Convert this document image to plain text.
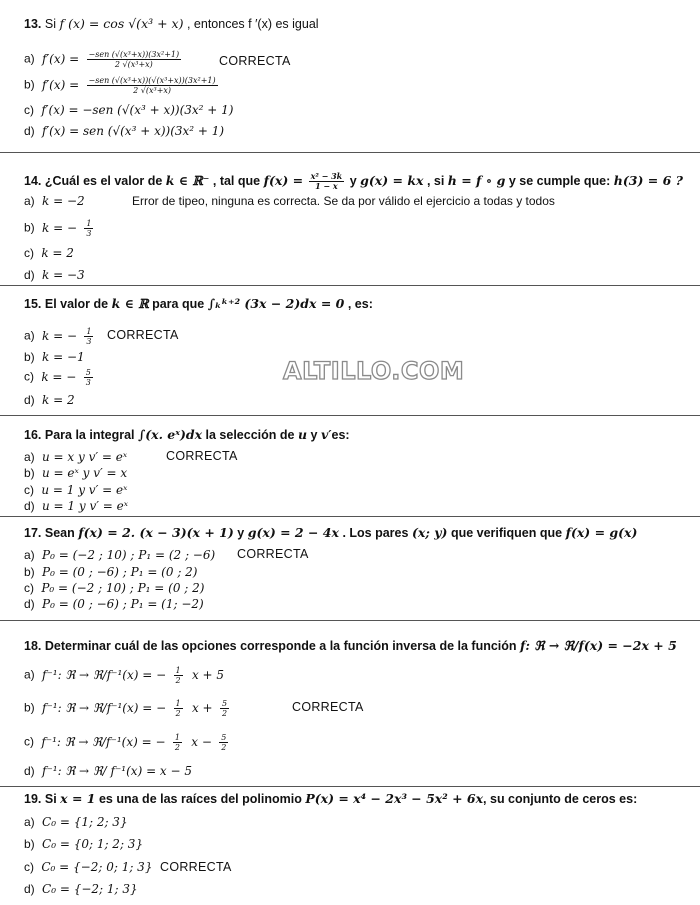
13. Si f (x) = cos √(x³ + x) , entonces f ′(x) es igual
a) $f'(x) = \frac{\text{−sen (√(x³+x))(3x²+1)}}{\text{2 √(x³+x)}}$	CORRECTA
b) $f'(x) = \frac{\text{−sen (√(x³+x))(√(x³+x))(3x²+1)}}{\text{2 √(x³+x)}}$
c) f′(x) = −sen (√(x³ + x))(3x² + 1)
d) f′(x) = sen (√(x³ + x))(3x² + 1)
14. ¿Cuál es el valor de k ∈ ℝ⁻ , tal que $f(x) = \frac{\text{x² − 3k}}{1 - x}$ y g(x) = kx , si h = f ∘ g y se cumple que: h(3) = 6 ?
a) k = −2	Error de tipeo, ninguna es correcta. Se da por válido el ejercicio a todas y todos
b) k = − $\frac{1}{3}$
c) k = 2
d) k = −3
15. El valor de k ∈ ℝ para que ∫ₖᵏ⁺² (3x − 2)dx = 0 , es:
a) k = − $\frac{1}{3}$ CORRECTA
b) k = −1
c) k = − $\frac{5}{3}$
d) k = 2
ALTILLO.COM
16. Para la integral ∫(x. eˣ)dx la selección de u y v′es:
a) u = x y v′ = eˣ	CORRECTA
b) u = eˣ y v′ = x
c) u = 1 y v′ = eˣ
d) u = 1 y v′ = eˣ
17. Sean f(x) = 2. (x − 3)(x + 1) y g(x) = 2 − 4x . Los pares (x; y) que verifiquen que f(x) = g(x)
a) P₀ = (−2 ; 10) ; P₁ = (2 ; −6) CORRECTA
b) P₀ = (0 ; −6) ; P₁ = (0 ; 2)
c) P₀ = (−2 ; 10) ; P₁ = (0 ; 2)
d) P₀ = (0 ; −6) ; P₁ = (1; −2)
18. Determinar cuál de las opciones corresponde a la función inversa de la función f: ℜ → ℜ/f(x) = −2x + 5
a) f⁻¹: ℜ → ℜ/f⁻¹(x) = − $\frac{1}{2}$ x + 5
b) f⁻¹: ℜ → ℜ/f⁻¹(x) = − $\frac{1}{2}$ $x + \frac{5}{2}$	CORRECTA
c) f⁻¹: ℜ → ℜ/f⁻¹(x) = − $\frac{1}{2}$ $x - \frac{5}{2}$
d) f⁻¹: ℜ → ℜ/ f⁻¹(x) = x − 5
19. Si x = 1 es una de las raíces del polinomio P(x) = x⁴ − 2x³ − 5x² + 6x, su conjunto de ceros es:
a) C₀ = {1; 2; 3}
b) C₀ = {0; 1; 2; 3}
c) C₀ = {−2; 0; 1; 3} CORRECTA
d) C₀ = {−2; 1; 3}
